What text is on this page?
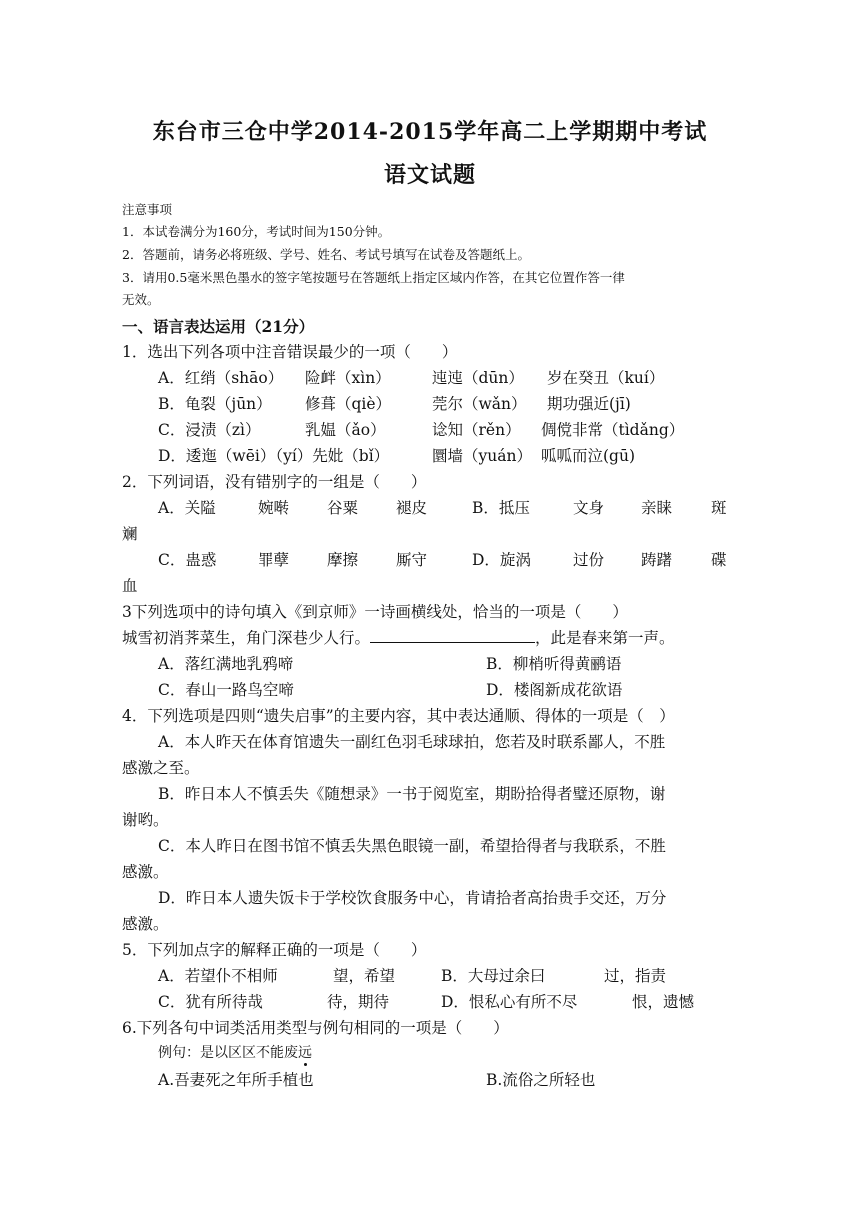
东台市三仓中学2014-2015学年高二上学期期中考试
语文试题
注意事项
1．本试卷满分为160分，考试时间为150分钟。
2．答题前，请务必将班级、学号、姓名、考试号填写在试卷及答题纸上。
3．请用0.5毫米黑色墨水的签字笔按题号在答题纸上指定区域内作答，在其它位置作答一律
无效。
一、语言表达运用（21分）
1．选出下列各项中注音错误最少的一项（　　）
A．红绡（shāo） 险衅（xìn）	迍迍（dūn） 岁在癸丑（kuí）
B．龟裂（jūn） 修葺（qiè）	莞尔（wǎn） 期功强近(jī)
C．浸渍（zì）	乳媪（ǎo）	谂知（rěn） 倜傥非常（tìdǎng）
D．逶迤（wēi）（yí）先妣（bǐ）	圜墙（yuán） 呱呱而泣(gū)
2．下列词语，没有错别字的一组是（　　）
A．关隘	婉啭 谷粟 褪皮	B．抵压	文身 亲睐	斑
斓
C．蛊惑	罪孽 摩擦 厮守	D．旋涡	过份 踌躇	碟
血
3下列选项中的诗句填入《到京师》一诗画横线处，恰当的一项是（　　）
城雪初消荠菜生，角门深巷少人行。	，此是春来第一声。
A．落红满地乳鸦啼	B．柳梢听得黄鹂语
C．春山一路鸟空啼	D．楼阁新成花欲语
4．下列选项是四则“遗失启事”的主要内容，其中表达通顺、得体的一项是（　）
A．本人昨天在体育馆遗失一副红色羽毛球球拍，您若及时联系鄙人，不胜
感激之至。
B．昨日本人不慎丢失《随想录》一书于阅览室，期盼拾得者璧还原物，谢
谢哟。
C．本人昨日在图书馆不慎丢失黑色眼镜一副，希望拾得者与我联系，不胜
感激。
D．昨日本人遗失饭卡于学校饮食服务中心，肯请拾者高抬贵手交还，万分
感激。
5．下列加点字的解释正确的一项是（　　）
A．若望仆不相师	望，希望	B．大母过余曰	过，指责
C．犹有所待哉	待，期待	D．恨私心有所不尽	恨，遗憾
6.下列各句中词类活用类型与例句相同的一项是（　　）
例句：是以区区不能废远
A.吾妻死之年所手植也	B.流俗之所轻也
